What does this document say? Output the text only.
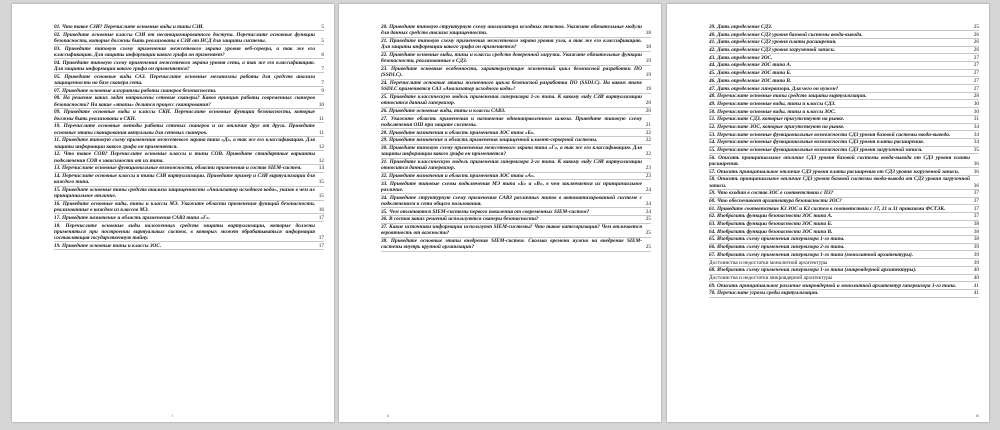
01. Что такое СЗИ? Перечислите основные виды и типы СЗИ.	5
02. Приведите основные классы СЗИ от несанкционированного доступа. Перечислите основные функции безопасности, которые должны быть реализованы в СЗИ от НСД для защиты системы.	5
03. Приведите типовую схему применения межсетевого экрана уровня веб-сервера, а так же его классификацию. Для защиты информации какого грифа он применяет?	6
04. Приведите типовую схему применения межсетевого экрана уровня сети, а так же его классификацию. Для защиты информации какого грифа он применяется?	7
05. Приведите основные виды САЗ. Перечислите основные механизмы работы для средств анализа защищенности на базе сканера сети.	7
07. Приведите основные алгоритмы работы сканеров безопасности.	9
08. На решение каких задач направлены сетевые сканеры? Каков принцип работы современных сканеров безопасности? На какие «этапы» делится процесс сканирования?	10
09. Приведите основные виды и классы СКН. Перечислите основные функции безопасности, которые должны быть реализованы в СКН.	11
10. Перечислите основные методы работы сетевых сканеров и их отличие друг от друга. Приведите основные этапы сканирования актуальны для сетевых сканеров.	11
11. Приведите типовую схему применения межсетевого экрана типа «Д», а так же его классификацию. Для защиты информации какого грифа он применяется.	12
12. Что такое СОВ? Перечислите основные классы и типы СОВ. Приведите стандартные варианты подключения СОВ в зависимости от их типа.	12
13. Перечислите основные функциональные возможности, области применения и состав SIEM-систем.	14
14. Перечислите основные классы и типы СЗИ виртуализации. Приведите пример и СЗИ виртуализации для каждого типа.	15
15. Приведите основные типы средств анализа защищенности «Анализатор исходного кода», указав в чем их принципиальное отличие.	15
16. Приведите основные виды, типы и классы МЭ. Укажите области применения функций безопасности, реализованные в каждом из классов МЭ.	16
17. Приведите назначение и область применения САВЗ типа «Г».	17
18. Перечислите основные виды наложенных средств защиты виртуализации, которые должны применяться при построении виртуальных систем, в которых может обрабатываться информация составляющая государственную тайну.	17
19. Приведите основные типы и классы ЗОС.	17
i
20. Приведите типовую структурную схему анализатора исходных текстов. Укажите обязательные модули для данных средств анализа защищенности.	18
21. Приведите типовую схему применения межсетевого экрана уровня узла, а так же его классификацию. Для защиты информации какого грифа он применяется?	18
22. Приведите основные виды, типы и классы средств доверенной загрузки. Укажите обязательные функции безопасности, реализованные в СДЗ.	19
23. Приведите основные особенности, характеризующие жизненный цикл безопасной разработки ПО (SSDLC).	19
24. Перечислите основные этапы жизненного цикла безопасной разработки ПО (SSDLC). На каком этапе SSDLC применяется САЗ «Анализатор исходного кода»?	19
25. Приведите классическую модель применения гипервизора 1-го типа. К какому виду СЗИ виртуализации относится данный гипервизор.	20
26. Приведите основные виды, типы и классы САВЗ.	20
27. Укажите область применения и назначение однонаправленного шлюза. Приведите типовую схему подключения ОШ при защите системы.	21
28. Приведите назначения и область применения ЗОС типа «Б».	22
29. Приведите назначение и область применения защищенной клиент-серверной системы.	22
30. Приведите типовую схему применения межсетевого экрана типа «Г», а так же его классификацию. Для защиты информации какого грифа он применяется?	22
31. Приведите классическую модель применения гипервизора 2-го типа. К какому виду СЗИ виртуализации относится данный гипервизор.	23
32. Приведите назначения и область применения ЗОС типа «А».	23
33. Приведите типовые схемы подключения МЭ типа «Б» и «В», в чем заключается их принципиальное различие.	24
34. Приведите структурную схему применения САВЗ различных типов в автоматизированной системе с подключением к сети общего пользования.	24
35. Чем отличаются SIEM-системы первого поколения от современных SIEM-систем?	24
36. В состав каких решений используются сканеры безопасности?	25
37. Какие источники информации используют SIEM-системы? Что такое категоризация? Чем отличается вероятность от важности?	25
38. Приведите основные этапы внедрения SIEM-систем. Сколько времени нужно на внедрение SIEM-системы внутрь крупной организации?	25
ii
39. Дать определение СДЗ.	25
40. Дать определение СДЗ уровня базовой системы ввода-вывода.	26
41. Дать определение СДЗ уровня платы расширения.	26
42. Дать определение СДЗ уровня загрузочной записи.	26
43. Дать определение ЗОС.	27
44. Дать определение ЗОС типа А.	27
45. Дать определение ЗОС типа Б.	27
46. Дать определение ЗОС типа В.	27
47. Дать определение гипервизора. Для чего он нужен?	27
48. Перечислите основные типы средств защиты виртуализации.	28
49. Перечислите основные виды, типы и классы СДЗ.	30
50. Перечислите основные виды, типы и классы ЗОС.	30
51. Перечислите СДЗ, которые присутствуют на рынке.	31
52. Перечислите ЗОС, которые присутствуют на рынке.	34
53. Перечислите основные функциональные возможности СДЗ уровня базовой системы ввода-вывода.	34
54. Перечислите основные функциональные возможности СДЗ уровня платы расширения.	34
55. Перечислите основные функциональные возможности СДЗ уровня загрузочной записи.	35
56. Описать принципиальное отличие СДЗ уровня базовой системы ввода-вывода от СДЗ уровня платы расширения.	36
57. Описать принципиальное отличие СДЗ уровня платы расширения от СДЗ уровня загрузочной записи.	36
58. Описать принципиальное отличие СДЗ уровня базовой системы ввода-вывода от СДЗ уровня загрузочной записи.	36
59. Что входит в состав ЗОС в соответствии с ПЗ?	37
60. Что обеспечивает архитектура безопасности ЗОС?	37
61. Приведите соответствие КЗ ЗОС и КЗ систем в соответствии с 17, 21 и 31 приказами ФСТЭК.	37
62. Изобразить функции безопасности ЗОС типа А.	37
63. Изобразить функции безопасности ЗОС типа Б.	38
64. Изобразить функции безопасности ЗОС типа В.	38
65. Изобразить схему применения гипервизора 1-го типа.	38
66. Изобразить схему применения гипервизора 2-го типа.	39
67. Изобразить схему применения гипервизора 1-го типа (монолитной архитектуры).	39
Достоинства и недостатки монолитной архитектуры	39
68. Изобразить схему применения гипервизора 1-го типа (микроядерной архитектуры).	40
Достоинства и недостатки микроядерной архитектуры	40
69. Описать принципиальное различие микроядерной и монолитной архитектур гипервизора 1-го типа.	41
70. Перечислите угрозы среды виртуализации.	41
iii
